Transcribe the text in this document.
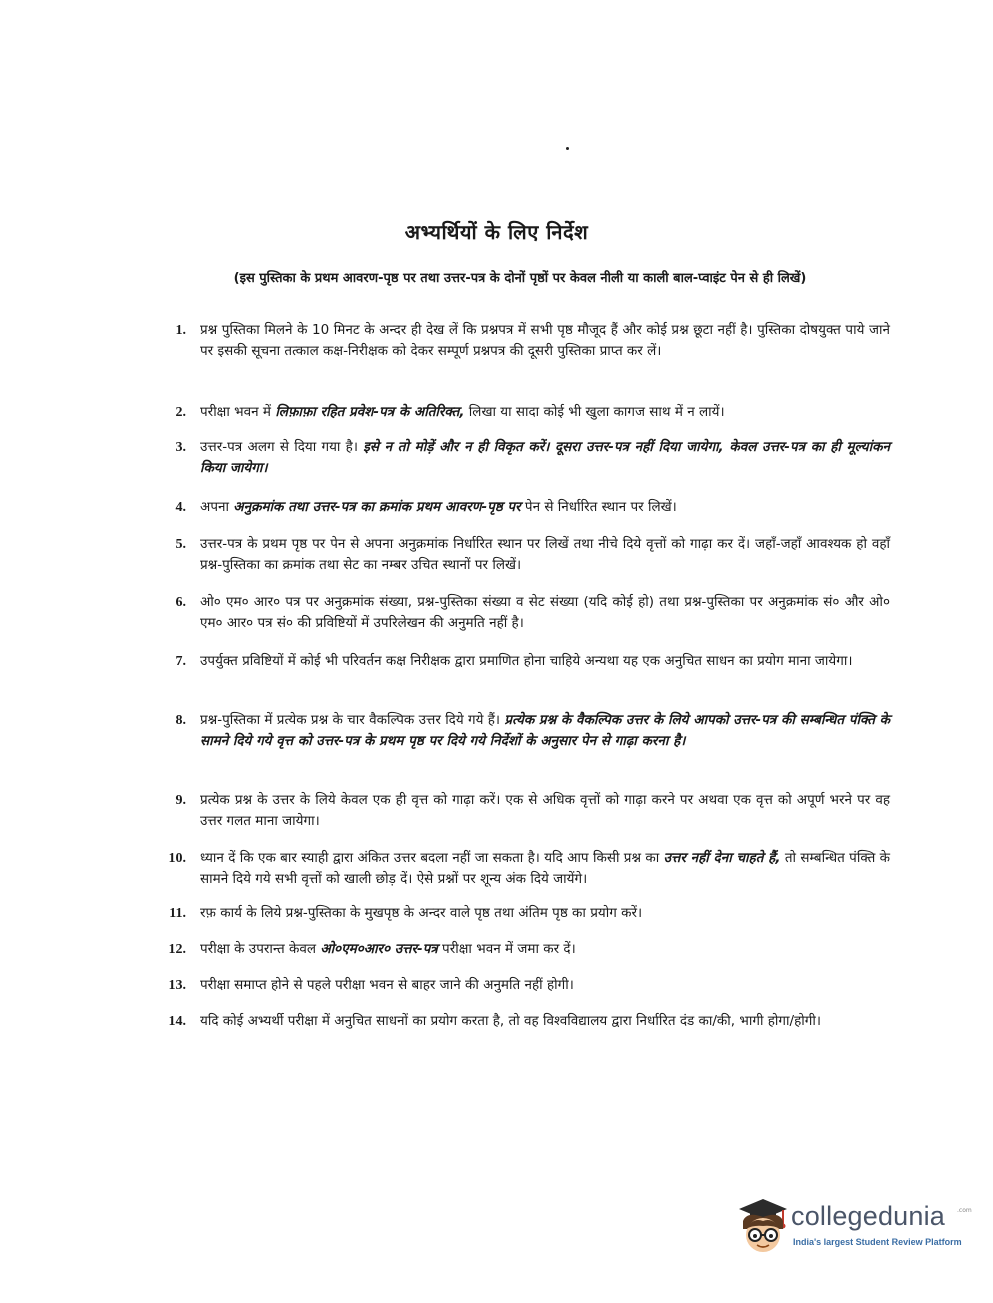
अभ्यर्थियों के लिए निर्देश
(इस पुस्तिका के प्रथम आवरण-पृष्ठ पर तथा उत्तर-पत्र के दोनों पृष्ठों पर केवल नीली या काली बाल-प्वाइंट पेन से ही लिखें)
1.	प्रश्न पुस्तिका मिलने के 10 मिनट के अन्दर ही देख लें कि प्रश्नपत्र में सभी पृष्ठ मौजूद हैं और कोई प्रश्न छूटा नहीं है। पुस्तिका दोषयुक्त पाये जाने पर इसकी सूचना तत्काल कक्ष-निरीक्षक को देकर सम्पूर्ण प्रश्नपत्र की दूसरी पुस्तिका प्राप्त कर लें।
2.	परीक्षा भवन में लिफ़ाफ़ा रहित प्रवेश-पत्र के अतिरिक्त, लिखा या सादा कोई भी खुला कागज साथ में न लायें।
3.	उत्तर-पत्र अलग से दिया गया है। इसे न तो मोड़ें और न ही विकृत करें। दूसरा उत्तर-पत्र नहीं दिया जायेगा, केवल उत्तर-पत्र का ही मूल्यांकन किया जायेगा।
4.	अपना अनुक्रमांक तथा उत्तर-पत्र का क्रमांक प्रथम आवरण-पृष्ठ पर पेन से निर्धारित स्थान पर लिखें।
5.	उत्तर-पत्र के प्रथम पृष्ठ पर पेन से अपना अनुक्रमांक निर्धारित स्थान पर लिखें तथा नीचे दिये वृत्तों को गाढ़ा कर दें। जहाँ-जहाँ आवश्यक हो वहाँ प्रश्न-पुस्तिका का क्रमांक तथा सेट का नम्बर उचित स्थानों पर लिखें।
6.	ओ० एम० आर० पत्र पर अनुक्रमांक संख्या, प्रश्न-पुस्तिका संख्या व सेट संख्या (यदि कोई हो) तथा प्रश्न-पुस्तिका पर अनुक्रमांक सं० और ओ० एम० आर० पत्र सं० की प्रविष्टियों में उपरिलेखन की अनुमति नहीं है।
7.	उपर्युक्त प्रविष्टियों में कोई भी परिवर्तन कक्ष निरीक्षक द्वारा प्रमाणित होना चाहिये अन्यथा यह एक अनुचित साधन का प्रयोग माना जायेगा।
8.	प्रश्न-पुस्तिका में प्रत्येक प्रश्न के चार वैकल्पिक उत्तर दिये गये हैं। प्रत्येक प्रश्न के वैकल्पिक उत्तर के लिये आपको उत्तर-पत्र की सम्बन्धित पंक्ति के सामने दिये गये वृत्त को उत्तर-पत्र के प्रथम पृष्ठ पर दिये गये निर्देशों के अनुसार पेन से गाढ़ा करना है।
9.	प्रत्येक प्रश्न के उत्तर के लिये केवल एक ही वृत्त को गाढ़ा करें। एक से अधिक वृत्तों को गाढ़ा करने पर अथवा एक वृत्त को अपूर्ण भरने पर वह उत्तर गलत माना जायेगा।
10.	ध्यान दें कि एक बार स्याही द्वारा अंकित उत्तर बदला नहीं जा सकता है। यदि आप किसी प्रश्न का उत्तर नहीं देना चाहते हैं, तो सम्बन्धित पंक्ति के सामने दिये गये सभी वृत्तों को खाली छोड़ दें। ऐसे प्रश्नों पर शून्य अंक दिये जायेंगे।
11.	रफ़ कार्य के लिये प्रश्न-पुस्तिका के मुखपृष्ठ के अन्दर वाले पृष्ठ तथा अंतिम पृष्ठ का प्रयोग करें।
12.	परीक्षा के उपरान्त केवल ओ०एम०आर० उत्तर-पत्र परीक्षा भवन में जमा कर दें।
13.	परीक्षा समाप्त होने से पहले परीक्षा भवन से बाहर जाने की अनुमति नहीं होगी।
14.	यदि कोई अभ्यर्थी परीक्षा में अनुचित साधनों का प्रयोग करता है, तो वह विश्वविद्यालय द्वारा निर्धारित दंड का/की, भागी होगा/होगी।
collegedunia .com
India's largest Student Review Platform
